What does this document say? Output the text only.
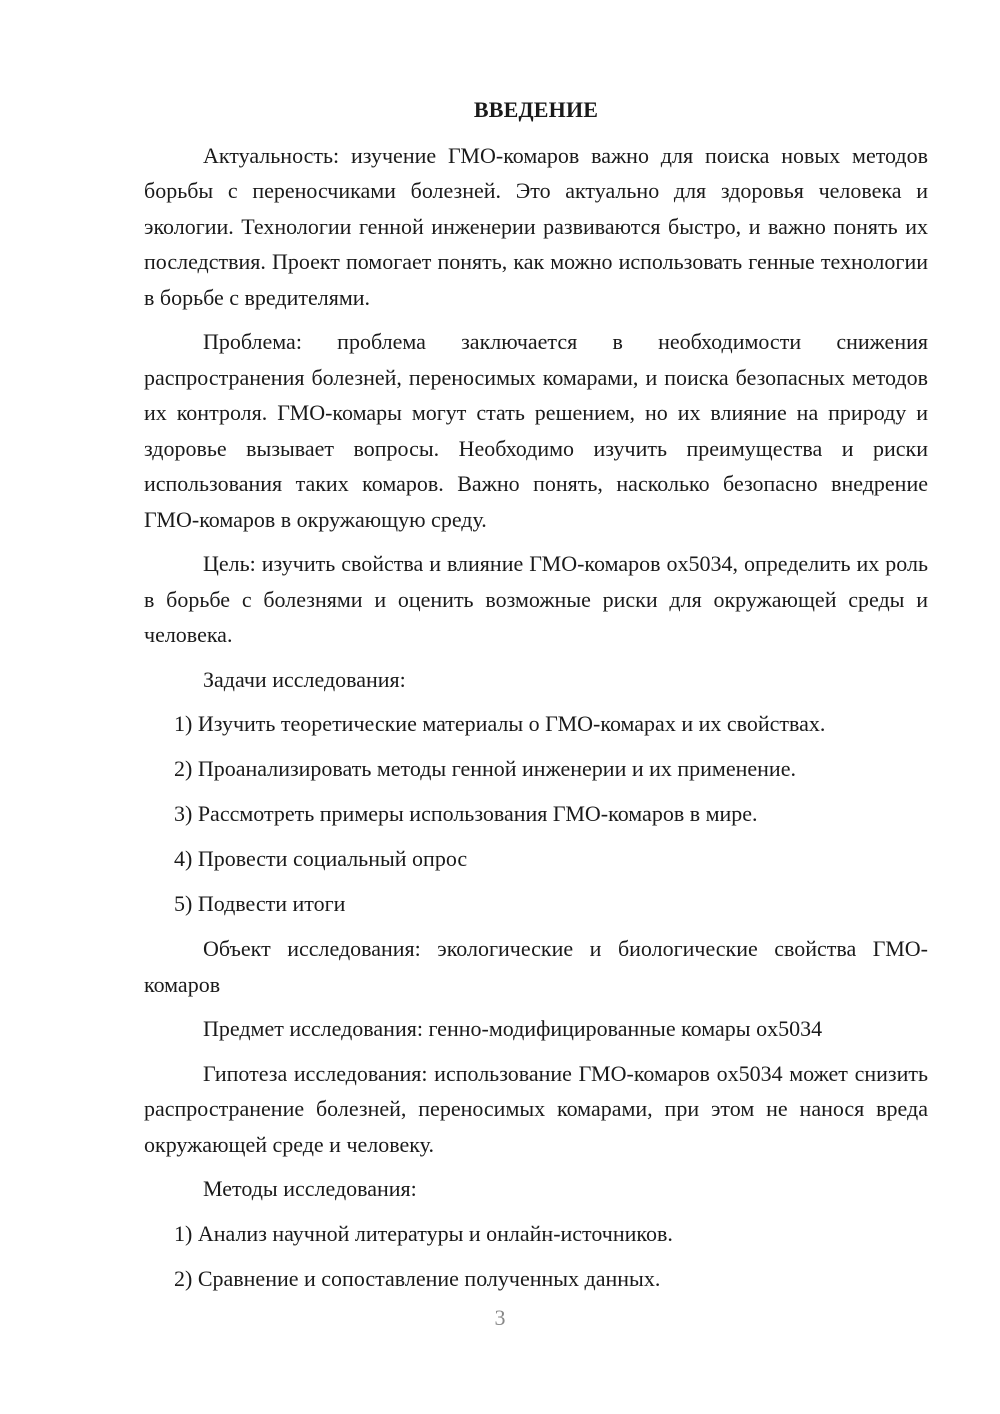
ВВЕДЕНИЕ

Актуальность: изучение ГМО-комаров важно для поиска новых методов борьбы с переносчиками болезней. Это актуально для здоровья человека и экологии. Технологии генной инженерии развиваются быстро, и важно понять их последствия. Проект помогает понять, как можно использовать генные технологии в борьбе с вредителями.

Проблема: проблема заключается в необходимости снижения распространения болезней, переносимых комарами, и поиска безопасных методов их контроля. ГМО-комары могут стать решением, но их влияние на природу и здоровье вызывает вопросы. Необходимо изучить преимущества и риски использования таких комаров. Важно понять, насколько безопасно внедрение ГМО-комаров в окружающую среду.

Цель: изучить свойства и влияние ГМО-комаров ox5034, определить их роль в борьбе с болезнями и оценить возможные риски для окружающей среды и человека.

Задачи исследования:

1) Изучить теоретические материалы о ГМО-комарах и их свойствах.
2) Проанализировать методы генной инженерии и их применение.
3) Рассмотреть примеры использования ГМО-комаров в мире.
4) Провести социальный опрос
5) Подвести итоги

Объект исследования: экологические и биологические свойства ГМО-комаров

Предмет исследования: генно-модифицированные комары ox5034

Гипотеза исследования: использование ГМО-комаров ox5034 может снизить распространение болезней, переносимых комарами, при этом не нанося вреда окружающей среде и человеку.

Методы исследования:

1) Анализ научной литературы и онлайн-источников.
2) Сравнение и сопоставление полученных данных.
3
